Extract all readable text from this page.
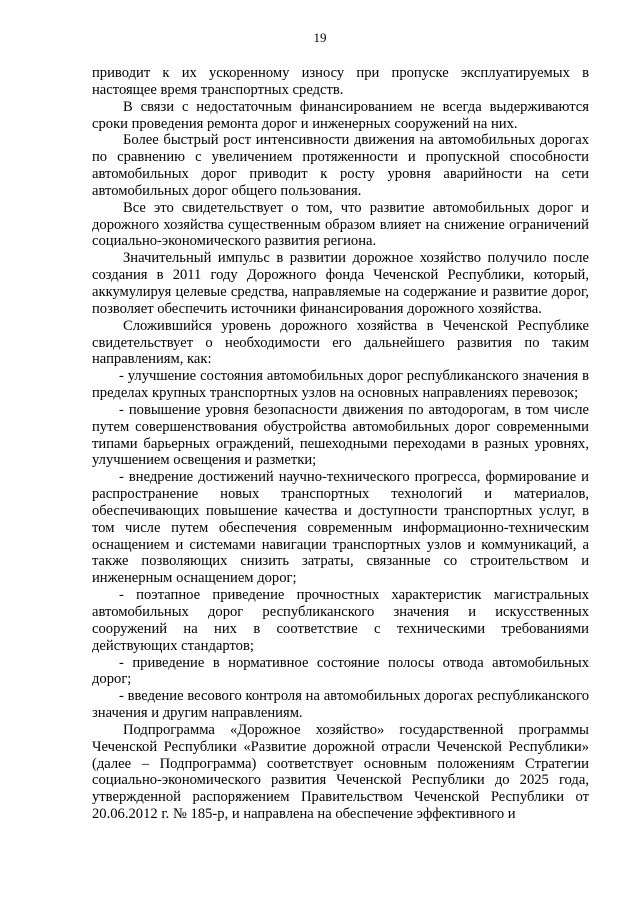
19

приводит к их ускоренному износу при пропуске эксплуатируемых в настоящее время транспортных средств.

В связи с недостаточным финансированием не всегда выдерживаются сроки проведения ремонта дорог и инженерных сооружений на них.

Более быстрый рост интенсивности движения на автомобильных дорогах по сравнению с увеличением протяженности и пропускной способности автомобильных дорог приводит к росту уровня аварийности на сети автомобильных дорог общего пользования.

Все это свидетельствует о том, что развитие автомобильных дорог и дорожного хозяйства существенным образом влияет на снижение ограничений социально-экономического развития региона.

Значительный импульс в развитии дорожное хозяйство получило после создания в 2011 году Дорожного фонда Чеченской Республики, который, аккумулируя целевые средства, направляемые на содержание и развитие дорог, позволяет обеспечить источники финансирования дорожного хозяйства.

Сложившийся уровень дорожного хозяйства в Чеченской Республике свидетельствует о необходимости его дальнейшего развития по таким направлениям, как:

- улучшение состояния автомобильных дорог республиканского значения в пределах крупных транспортных узлов на основных направлениях перевозок;

- повышение уровня безопасности движения по автодорогам, в том числе путем совершенствования обустройства автомобильных дорог современными типами барьерных ограждений, пешеходными переходами в разных уровнях, улучшением освещения и разметки;

- внедрение достижений научно-технического прогресса, формирование и распространение новых транспортных технологий и материалов, обеспечивающих повышение качества и доступности транспортных услуг, в том числе путем обеспечения современным информационно-техническим оснащением и системами навигации транспортных узлов и коммуникаций, а также позволяющих снизить затраты, связанные со строительством и инженерным оснащением дорог;

- поэтапное приведение прочностных характеристик магистральных автомобильных дорог республиканского значения и искусственных сооружений на них в соответствие с техническими требованиями действующих стандартов;

- приведение в нормативное состояние полосы отвода автомобильных дорог;

- введение весового контроля на автомобильных дорогах республиканского значения и другим направлениям.

Подпрограмма «Дорожное хозяйство» государственной программы Чеченской Республики «Развитие дорожной отрасли Чеченской Республики» (далее – Подпрограмма) соответствует основным положениям Стратегии социально-экономического развития Чеченской Республики до 2025 года, утвержденной распоряжением Правительством Чеченской Республики от 20.06.2012 г. № 185-р, и направлена на обеспечение эффективного и
